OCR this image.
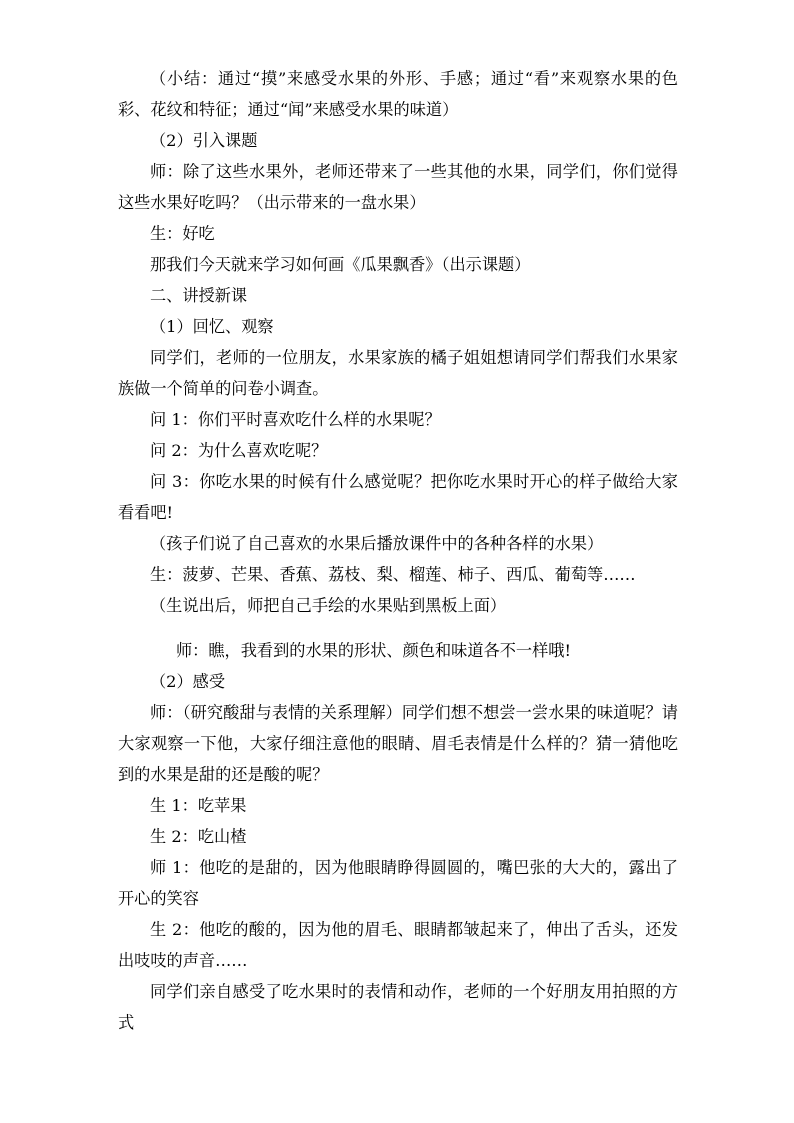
（小结：通过“摸”来感受水果的外形、手感；通过“看”来观察水果的色彩、花纹和特征；通过“闻”来感受水果的味道）

（2）引入课题

师：除了这些水果外，老师还带来了一些其他的水果，同学们，你们觉得这些水果好吃吗？（出示带来的一盘水果）

生：好吃

那我们今天就来学习如何画《瓜果飘香》（出示课题）

二、讲授新课

（1）回忆、观察

同学们，老师的一位朋友，水果家族的橘子姐姐想请同学们帮我们水果家族做一个简单的问卷小调查。

问 1：你们平时喜欢吃什么样的水果呢？

问 2：为什么喜欢吃呢？

问 3：你吃水果的时候有什么感觉呢？把你吃水果时开心的样子做给大家看看吧!

（孩子们说了自己喜欢的水果后播放课件中的各种各样的水果）

生：菠萝、芒果、香蕉、荔枝、梨、榴莲、柿子、西瓜、葡萄等……

（生说出后，师把自己手绘的水果贴到黑板上面）

师：瞧，我看到的水果的形状、颜色和味道各不一样哦!

（2）感受

师：（研究酸甜与表情的关系理解）同学们想不想尝一尝水果的味道呢？请大家观察一下他，大家仔细注意他的眼睛、眉毛表情是什么样的？猜一猜他吃到的水果是甜的还是酸的呢？

生 1：吃苹果

生 2：吃山楂

师 1：他吃的是甜的，因为他眼睛睁得圆圆的，嘴巴张的大大的，露出了开心的笑容

生 2：他吃的酸的，因为他的眉毛、眼睛都皱起来了，伸出了舌头，还发出吱吱的声音……

同学们亲自感受了吃水果时的表情和动作，老师的一个好朋友用拍照的方式
